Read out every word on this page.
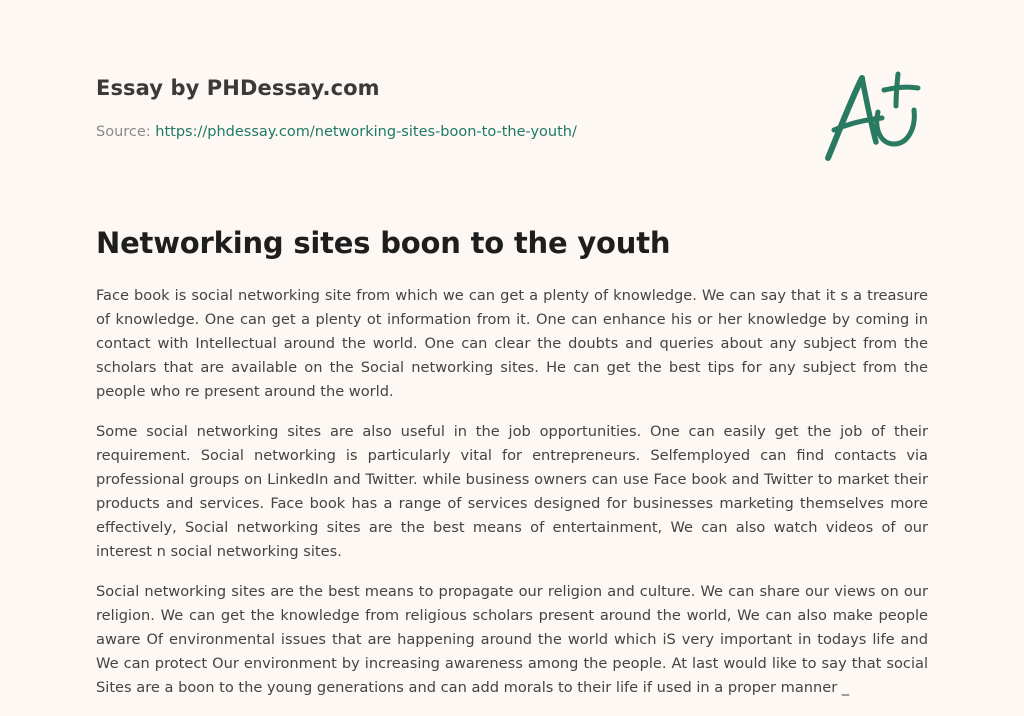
Essay by PHDessay.com
Source: https://phdessay.com/networking-sites-boon-to-the-youth/
Networking sites boon to the youth

Face book is social networking site from which we can get a plenty of knowledge. We can say that it s a treasure of knowledge. One can get a plenty ot information from it. One can enhance his or her knowledge by coming in contact with Intellectual around the world. One can clear the doubts and queries about any subject from the scholars that are available on the Social networking sites. He can get the best tips for any subject from the people who re present around the world.

Some social networking sites are also useful in the job opportunities. One can easily get the job of their requirement. Social networking is particularly vital for entrepreneurs. Selfemployed can find contacts via professional groups on LinkedIn and Twitter. while business owners can use Face book and Twitter to market their products and services. Face book has a range of services designed for businesses marketing themselves more effectively, Social networking sites are the best means of entertainment, We can also watch videos of our interest n social networking sites.

Social networking sites are the best means to propagate our religion and culture. We can share our views on our religion. We can get the knowledge from religious scholars present around the world, We can also make people aware Of environmental issues that are happening around the world which iS very important in todays life and We can protect Our environment by increasing awareness among the people. At last would like to say that social Sites are a boon to the young generations and can add morals to their life if used in a proper manner _
